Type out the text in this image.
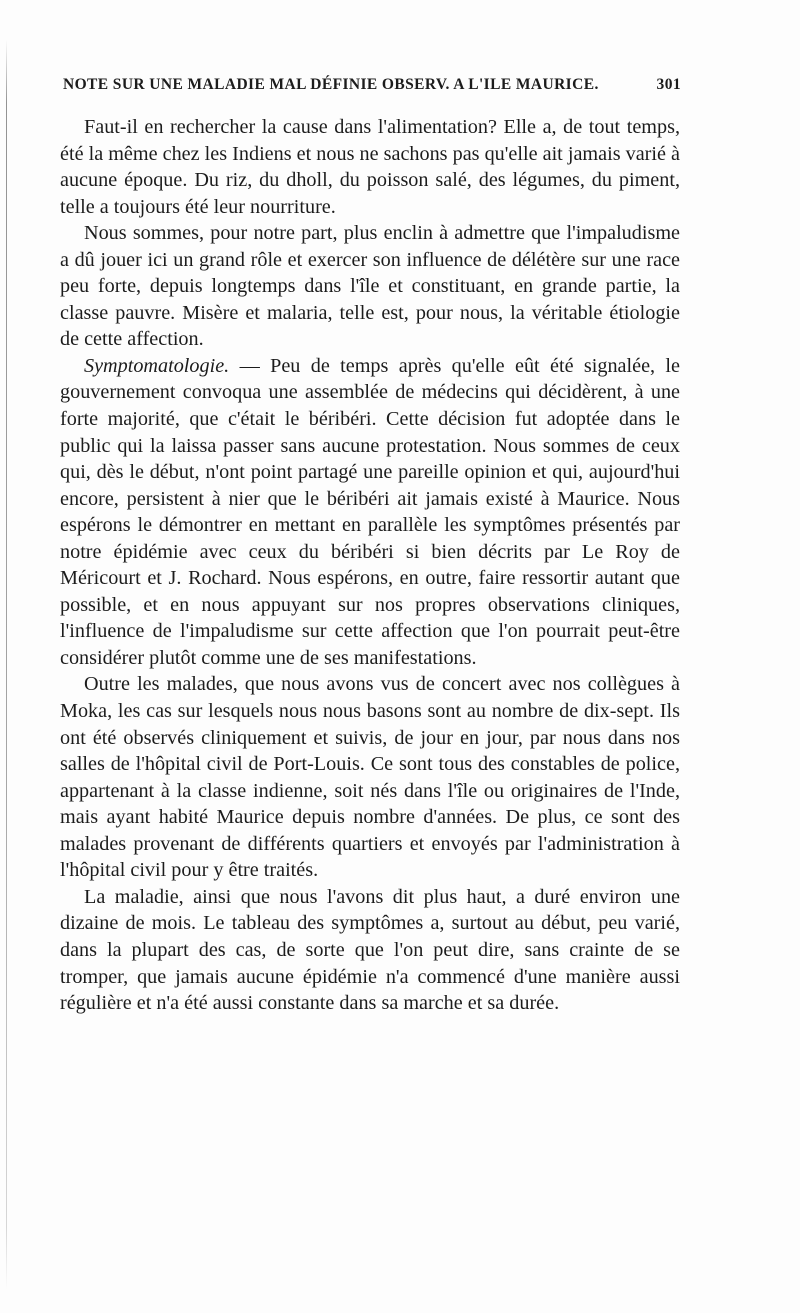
NOTE SUR UNE MALADIE MAL DÉFINIE OBSERV. A L'ILE MAURICE.	301

Faut-il en rechercher la cause dans l'alimentation? Elle a, de tout temps, été la même chez les Indiens et nous ne sachons pas qu'elle ait jamais varié à aucune époque. Du riz, du dholl, du poisson salé, des légumes, du piment, telle a toujours été leur nourriture.

Nous sommes, pour notre part, plus enclin à admettre que l'impaludisme a dû jouer ici un grand rôle et exercer son influence de délétère sur une race peu forte, depuis longtemps dans l'île et constituant, en grande partie, la classe pauvre. Misère et malaria, telle est, pour nous, la véritable étiologie de cette affection.

Symptomatologie. — Peu de temps après qu'elle eût été signalée, le gouvernement convoqua une assemblée de médecins qui décidèrent, à une forte majorité, que c'était le béribéri. Cette décision fut adoptée dans le public qui la laissa passer sans aucune protestation. Nous sommes de ceux qui, dès le début, n'ont point partagé une pareille opinion et qui, aujourd'hui encore, persistent à nier que le béribéri ait jamais existé à Maurice. Nous espérons le démontrer en mettant en parallèle les symptômes présentés par notre épidémie avec ceux du béribéri si bien décrits par Le Roy de Méricourt et J. Rochard. Nous espérons, en outre, faire ressortir autant que possible, et en nous appuyant sur nos propres observations cliniques, l'influence de l'impaludisme sur cette affection que l'on pourrait peut-être considérer plutôt comme une de ses manifestations.

Outre les malades, que nous avons vus de concert avec nos collègues à Moka, les cas sur lesquels nous nous basons sont au nombre de dix-sept. Ils ont été observés cliniquement et suivis, de jour en jour, par nous dans nos salles de l'hôpital civil de Port-Louis. Ce sont tous des constables de police, appartenant à la classe indienne, soit nés dans l'île ou originaires de l'Inde, mais ayant habité Maurice depuis nombre d'années. De plus, ce sont des malades provenant de différents quartiers et envoyés par l'administration à l'hôpital civil pour y être traités.

La maladie, ainsi que nous l'avons dit plus haut, a duré environ une dizaine de mois. Le tableau des symptômes a, surtout au début, peu varié, dans la plupart des cas, de sorte que l'on peut dire, sans crainte de se tromper, que jamais aucune épidémie n'a commencé d'une manière aussi régulière et n'a été aussi constante dans sa marche et sa durée.
